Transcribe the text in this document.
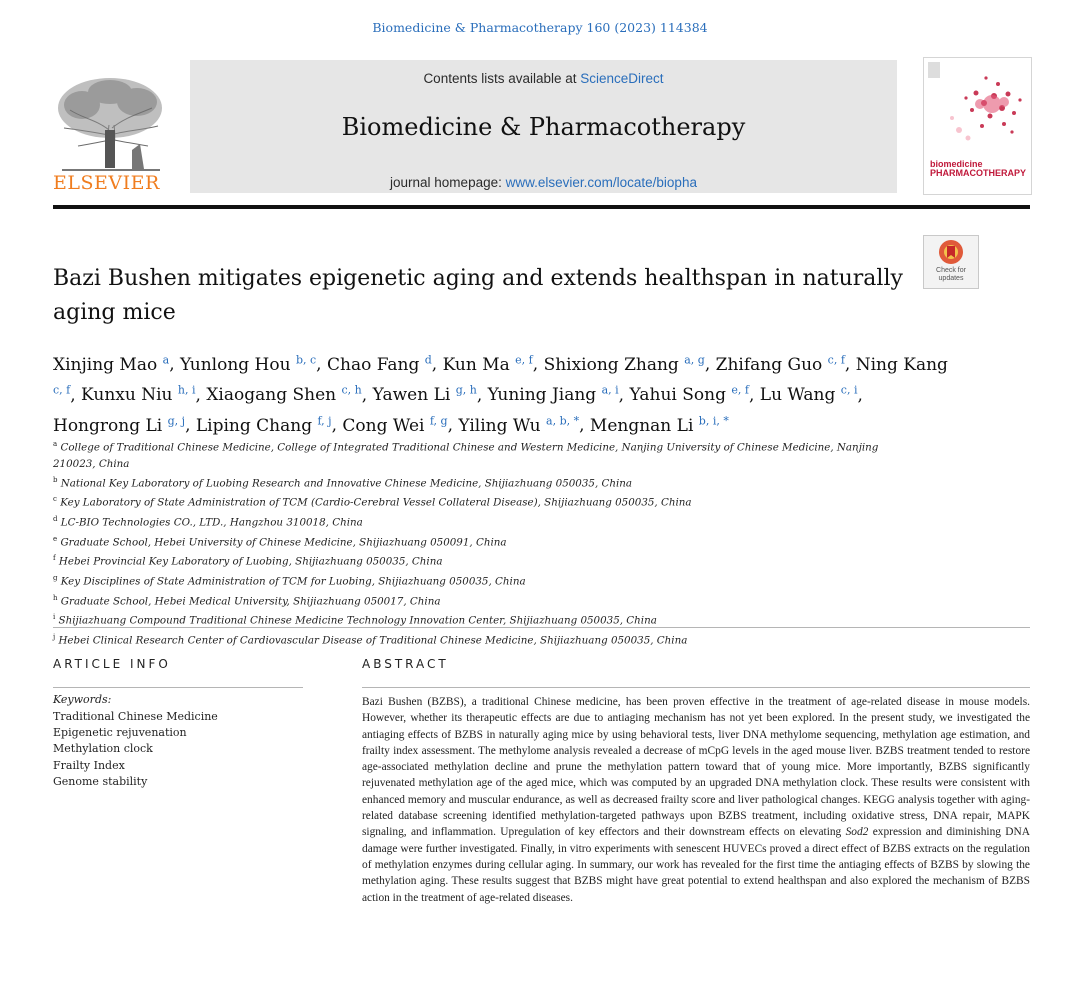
Biomedicine & Pharmacotherapy 160 (2023) 114384
ELSEVIER
Contents lists available at ScienceDirect
Biomedicine & Pharmacotherapy
journal homepage: www.elsevier.com/locate/biopha
biomedicine
PHARMACOTHERAPY
Check for
updates
Bazi Bushen mitigates epigenetic aging and extends healthspan in naturally aging mice
Xinjing Mao $^a$, Yunlong Hou $^{b, c}$, Chao Fang $^d$, Kun Ma $^{e, f}$, Shixiong Zhang $^{a, g}$, Zhifang Guo $^{c, f}$, Ning Kang $^{c, f}$, Kunxu Niu $^{h, i}$, Xiaogang Shen $^{c, h}$, Yawen Li $^{g, h}$, Yuning Jiang $^{a, i}$, Yahui Song $^{e, f}$, Lu Wang $^{c, i}$, Hongrong Li $^{g, j}$, Liping Chang $^{f, j}$, Cong Wei $^{f, g}$, Yiling Wu $^{a, b, *}$, Mengnan Li $^{b, i, *}$
$^a$ College of Traditional Chinese Medicine, College of Integrated Traditional Chinese and Western Medicine, Nanjing University of Chinese Medicine, Nanjing 210023, China
$^b$ National Key Laboratory of Luobing Research and Innovative Chinese Medicine, Shijiazhuang 050035, China
$^c$ Key Laboratory of State Administration of TCM (Cardio-Cerebral Vessel Collateral Disease), Shijiazhuang 050035, China
$^d$ LC-BIO Technologies CO., LTD., Hangzhou 310018, China
$^e$ Graduate School, Hebei University of Chinese Medicine, Shijiazhuang 050091, China
$^f$ Hebei Provincial Key Laboratory of Luobing, Shijiazhuang 050035, China
$^g$ Key Disciplines of State Administration of TCM for Luobing, Shijiazhuang 050035, China
$^h$ Graduate School, Hebei Medical University, Shijiazhuang 050017, China
$^i$ Shijiazhuang Compound Traditional Chinese Medicine Technology Innovation Center, Shijiazhuang 050035, China
$^j$ Hebei Clinical Research Center of Cardiovascular Disease of Traditional Chinese Medicine, Shijiazhuang 050035, China
ARTICLE INFO
Keywords:
Traditional Chinese Medicine
Epigenetic rejuvenation
Methylation clock
Frailty Index
Genome stability
ABSTRACT
Bazi Bushen (BZBS), a traditional Chinese medicine, has been proven effective in the treatment of age-related disease in mouse models. However, whether its therapeutic effects are due to antiaging mechanism has not yet been explored. In the present study, we investigated the antiaging effects of BZBS in naturally aging mice by using behavioral tests, liver DNA methylome sequencing, methylation age estimation, and frailty index assessment. The methylome analysis revealed a decrease of mCpG levels in the aged mouse liver. BZBS treatment tended to restore age-associated methylation decline and prune the methylation pattern toward that of young mice. More importantly, BZBS significantly rejuvenated methylation age of the aged mice, which was computed by an upgraded DNA methylation clock. These results were consistent with enhanced memory and muscular endurance, as well as decreased frailty score and liver pathological changes. KEGG analysis together with aging-related database screening identified methylation-targeted pathways upon BZBS treatment, including oxidative stress, DNA repair, MAPK signaling, and inflammation. Upregulation of key effectors and their downstream effects on elevating Sod2 expression and diminishing DNA damage were further investigated. Finally, in vitro experiments with senescent HUVECs proved a direct effect of BZBS extracts on the regulation of methylation enzymes during cellular aging. In summary, our work has revealed for the first time the antiaging effects of BZBS by slowing the methylation aging. These results suggest that BZBS might have great potential to extend healthspan and also explored the mechanism of BZBS action in the treatment of age-related diseases.
